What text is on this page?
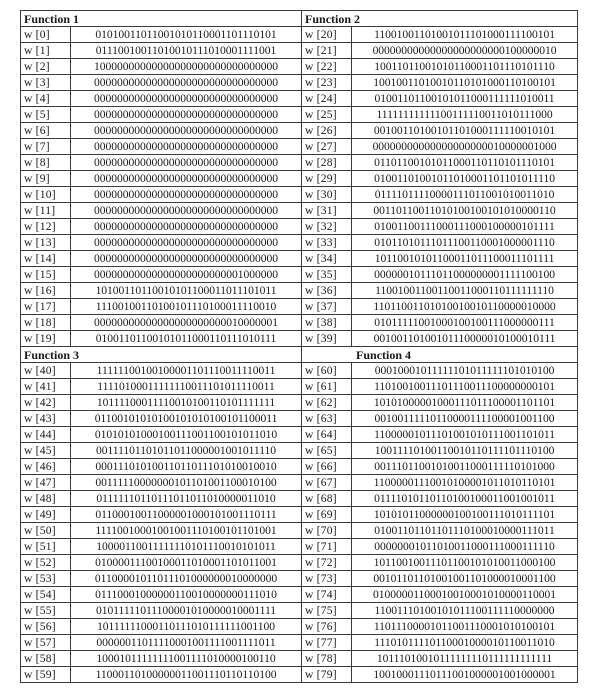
Function 1		Function 2	
w [0]	01010011011001010110001101110101	w [20]	11001001101001011101000111100101
w [1]	01110010011010010111010001111001	w [21]	00000000000000000000000100000010
w [2]	10000000000000000000000000000000	w [22]	10011011001010110001101110101110
w [3]	00000000000000000000000000000000	w [23]	10010011010010110101000110100101
w [4]	00000000000000000000000000000000	w [24]	01001101100101011000111111010011
w [5]	00000000000000000000000000000000	w [25]	11111111111100111110011010111000
w [6]	00000000000000000000000000000000	w [26]	00100110100101101000111110010101
w [7]	00000000000000000000000000000000	w [27]	00000000000000000000010000001000
w [8]	00000000000000000000000000000000	w [28]	01101100101011000110110101110101
w [9]	00000000000000000000000000000000	w [29]	01001101001011010001101101011110
w [10]	00000000000000000000000000000000	w [30]	01111011110000111011001010011010
w [11]	00000000000000000000000000000000	w [31]	00110110011010100100101010000110
w [12]	00000000000000000000000000000000	w [32]	01001100111000111000100000101111
w [13]	00000000000000000000000000000000	w [33]	01011010111011100110001000001110
w [14]	00000000000000000000000000000000	w [34]	10110010101100011011100011101111
w [15]	00000000000000000000000001000000	w [35]	00000010111011000000001111100100
w [16]	10100110110010101100011011101011	w [36]	11001001100110011000110111111110
w [17]	11100100110100101110100011110010	w [37]	11011001101010010010110000010000
w [18]	00000000000000000000000010000001	w [38]	01011111001000100100111000000111
w [19]	01001101100101011000110111010111	w [39]	00100110100101110000010100010111
Function 3		Function 4	
w [40]	11111100100100001101110011110011	w [60]	00010001011111101011111101010100
w [41]	11110100011111110011101011110011	w [61]	11010010011101110011100000000101
w [42]	10111100011110010100110101111111	w [62]	10101000001000111011100001101101
w [43]	01100101010100101010100101100011	w [63]	00100111110110000111100001001100
w [44]	01010101000100111001100101011010	w [64]	11000001011101001010111001101011
w [45]	00111101101011011000001001011110	w [65]	10011110100110010110111101110100
w [46]	00011101010011011011101010010010	w [66]	00111011001010011000111110101000
w [47]	00111110000000101101001100010100	w [67]	11000001110010100001011010110101
w [48]	01111110110111011011010000011010	w [68]	01111010110110100100011001001011
w [49]	01100010011000001000101001110111	w [69]	10101011000000100100111010111101
w [50]	11110010001001001110100101101001	w [70]	01001101101101110100010000111011
w [51]	10000110011111110101110010101011	w [71]	00000001011010011000111000111110
w [52]	01000011100100011010001101011001	w [72]	10110010011101100101010011000100
w [53]	01100001011011101000000010000000	w [73]	00101101101001001101000010001100
w [54]	01110001000000110010000000111010	w [74]	01000001100010010001010000110001
w [55]	01011111011100001010000010001111	w [75]	11001110100101011100111110000000
w [56]	10111111000110111010111111001100	w [76]	11011100001011001110001010100101
w [57]	00000011011110001001111001111011	w [77]	11101011110110001000010110011010
w [58]	10001011111111001111010000100110	w [78]	10111010010111111110111111111111
w [59]	11000110100000011001110110110100	w [79]	10010001110111001000001001000001
